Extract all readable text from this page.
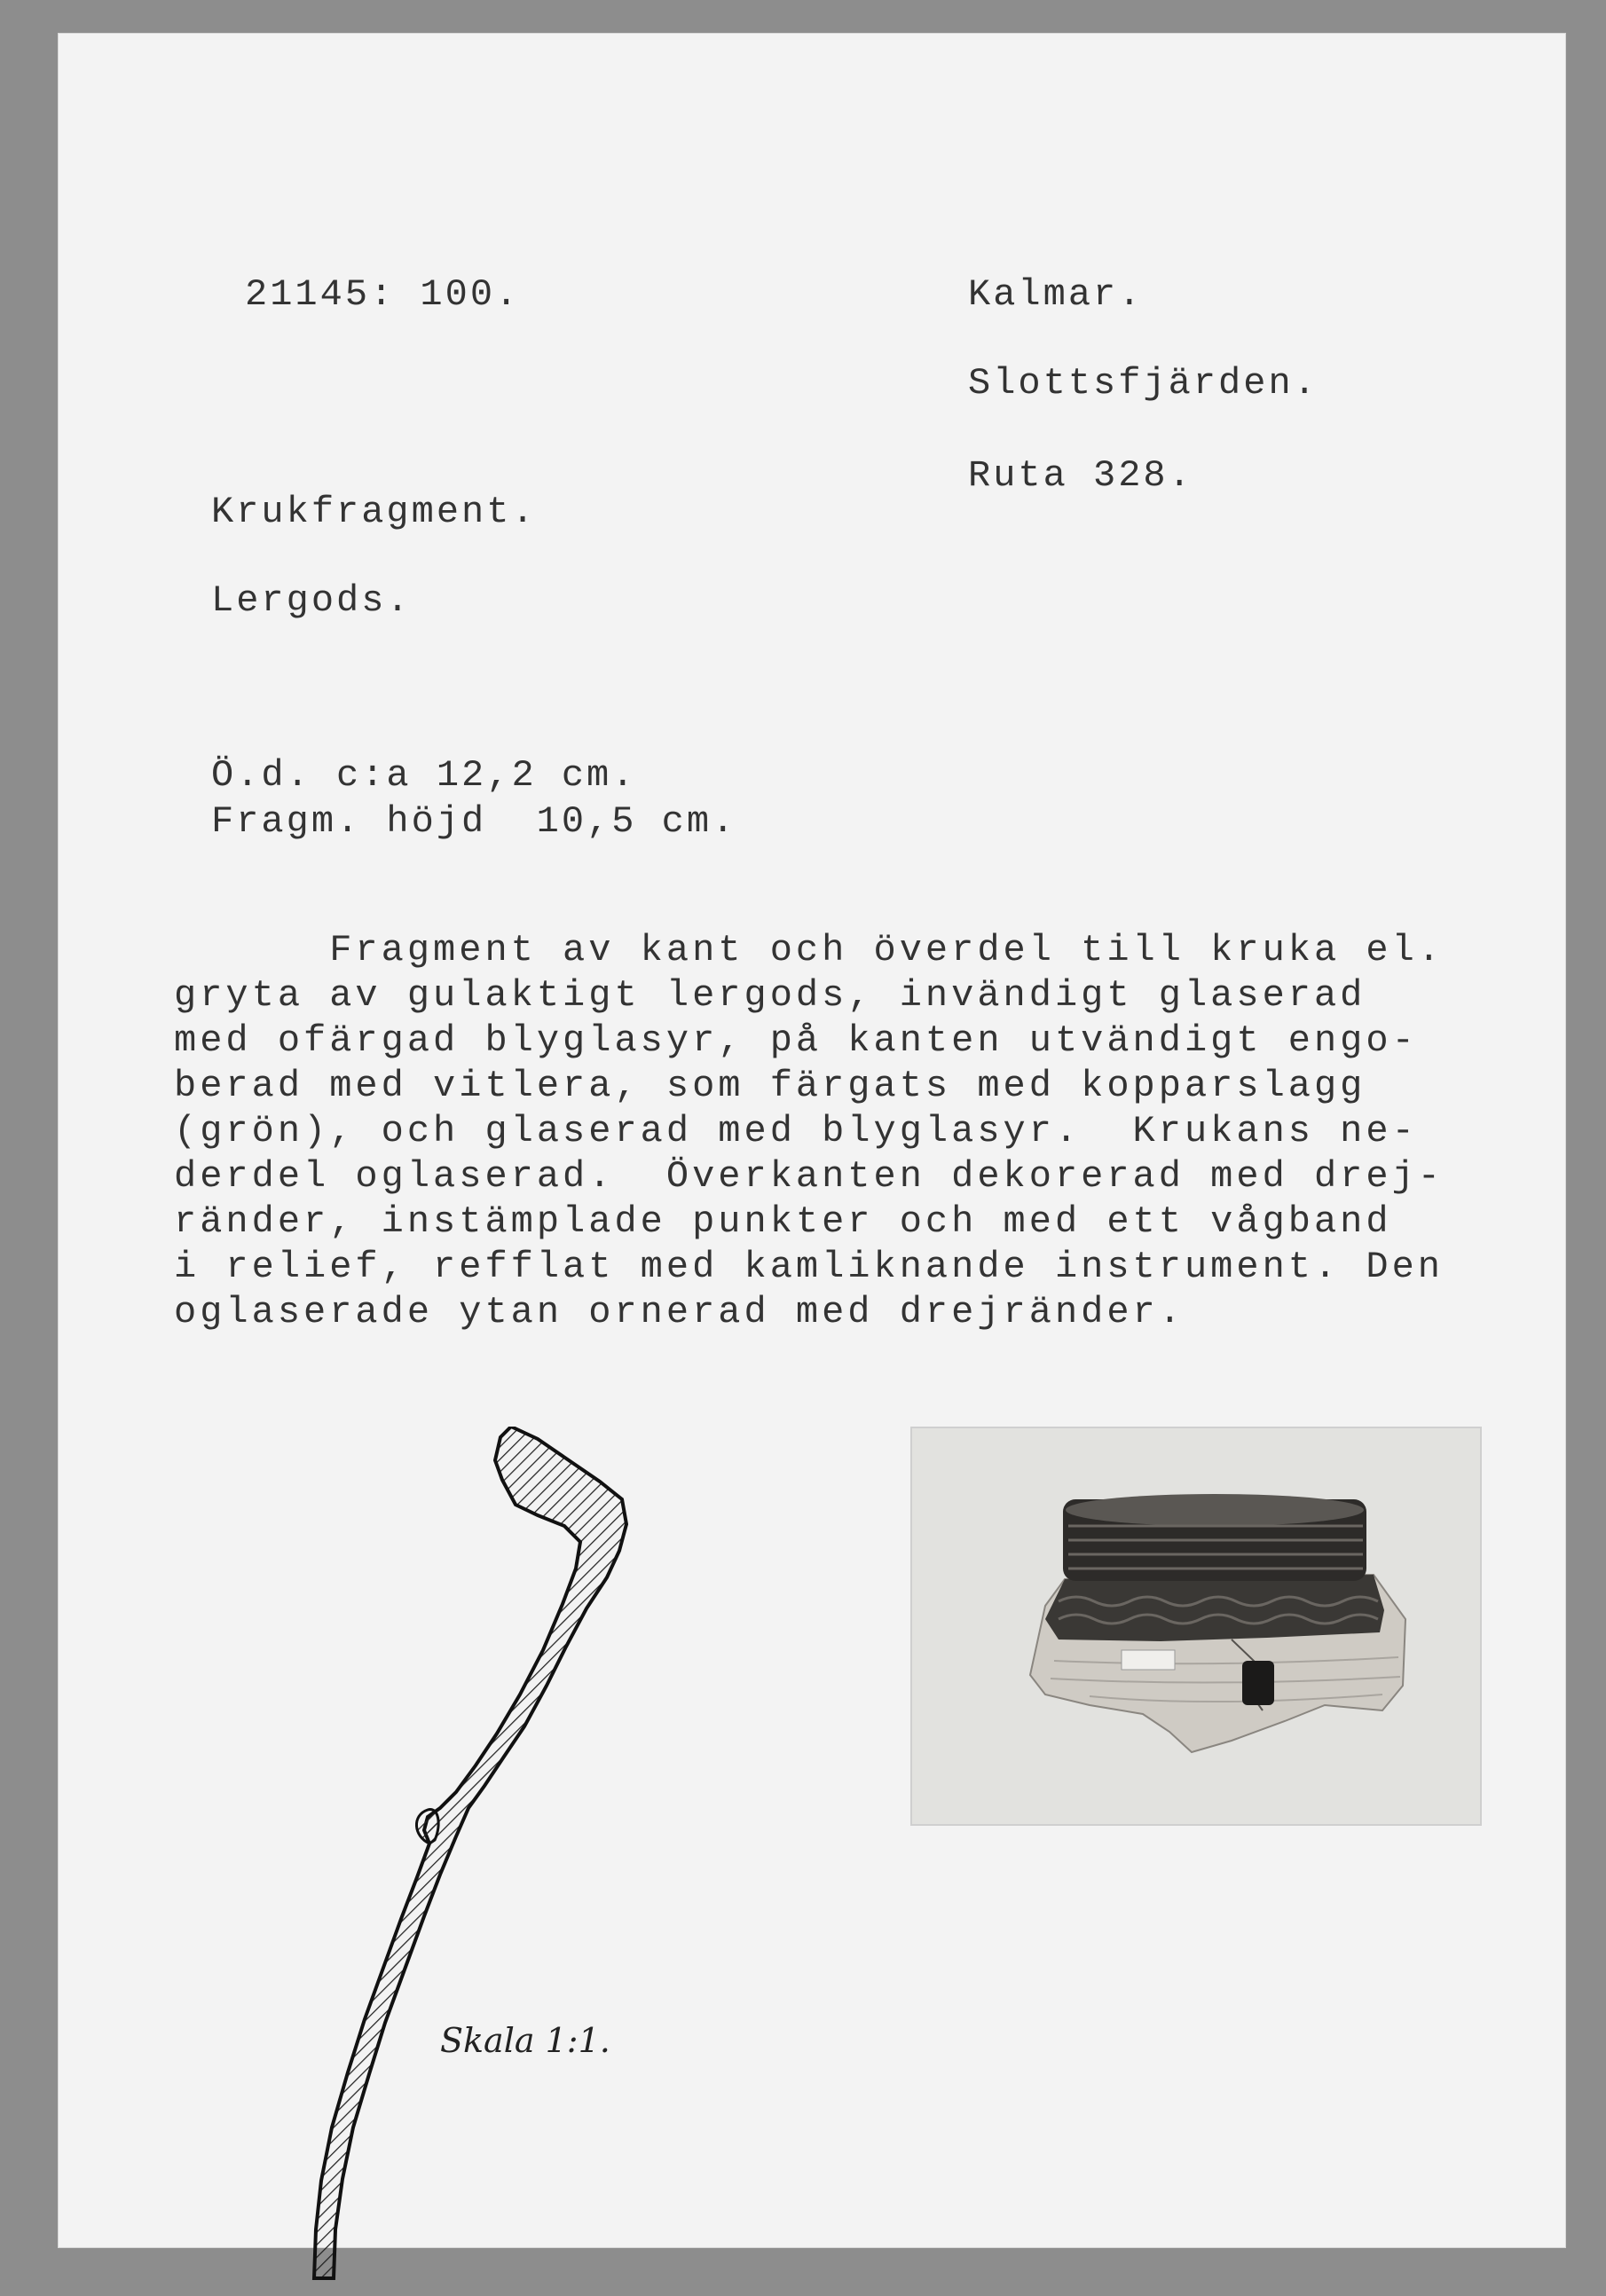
21145: 100.	Kalmar.
Slottsfjärden.
Ruta 328.
Krukfragment.
Lergods.
Ö.d. c:a 12,2 cm.
Fragm. höjd  10,5 cm.
Fragment av kant och överdel till kruka el.
gryta av gulaktigt lergods, invändigt glaserad
med ofärgad blyglasyr, på kanten utvändigt engo-
berad med vitlera, som färgats med kopparslagg
(grön), och glaserad med blyglasyr.  Krukans ne-
derdel oglaserad.  Överkanten dekorerad med drej-
ränder, instämplade punkter och med ett vågband
i relief, refflat med kamliknande instrument. Den
oglaserade ytan ornerad med drejränder.
Skala 1:1.
